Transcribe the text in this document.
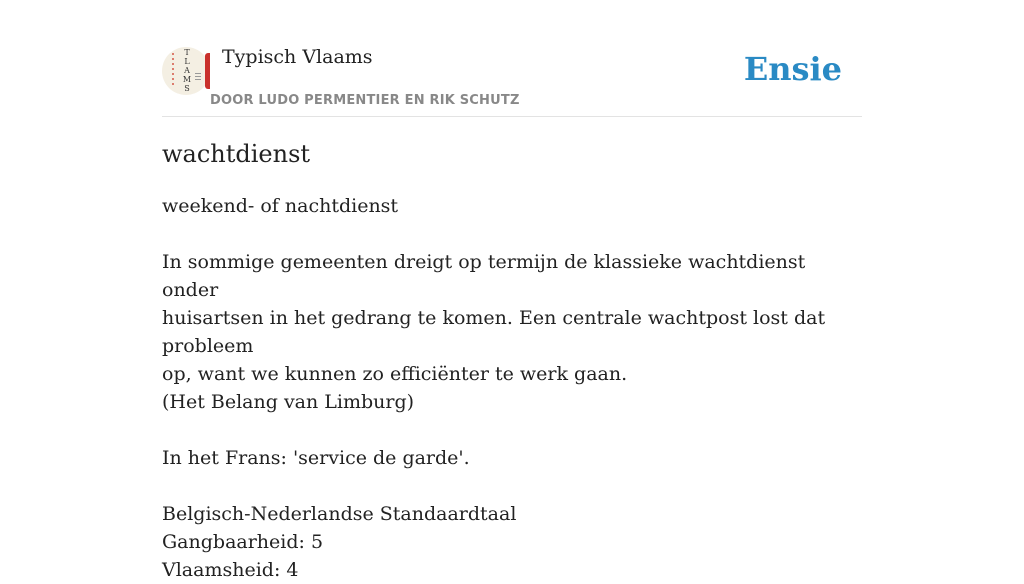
T
L
A
M
S
Typisch Vlaams
DOOR LUDO PERMENTIER EN RIK SCHUTZ
Ensie
wachtdienst

weekend- of nachtdienst

In sommige gemeenten dreigt op termijn de klassieke wachtdienst onder

huisartsen in het gedrang te komen. Een centrale wachtpost lost dat probleem

op, want we kunnen zo efficiënter te werk gaan.

(Het Belang van Limburg)

In het Frans: 'service de garde'.

Belgisch-Nederlandse Standaardtaal

Gangbaarheid: 5

Vlaamsheid: 4
